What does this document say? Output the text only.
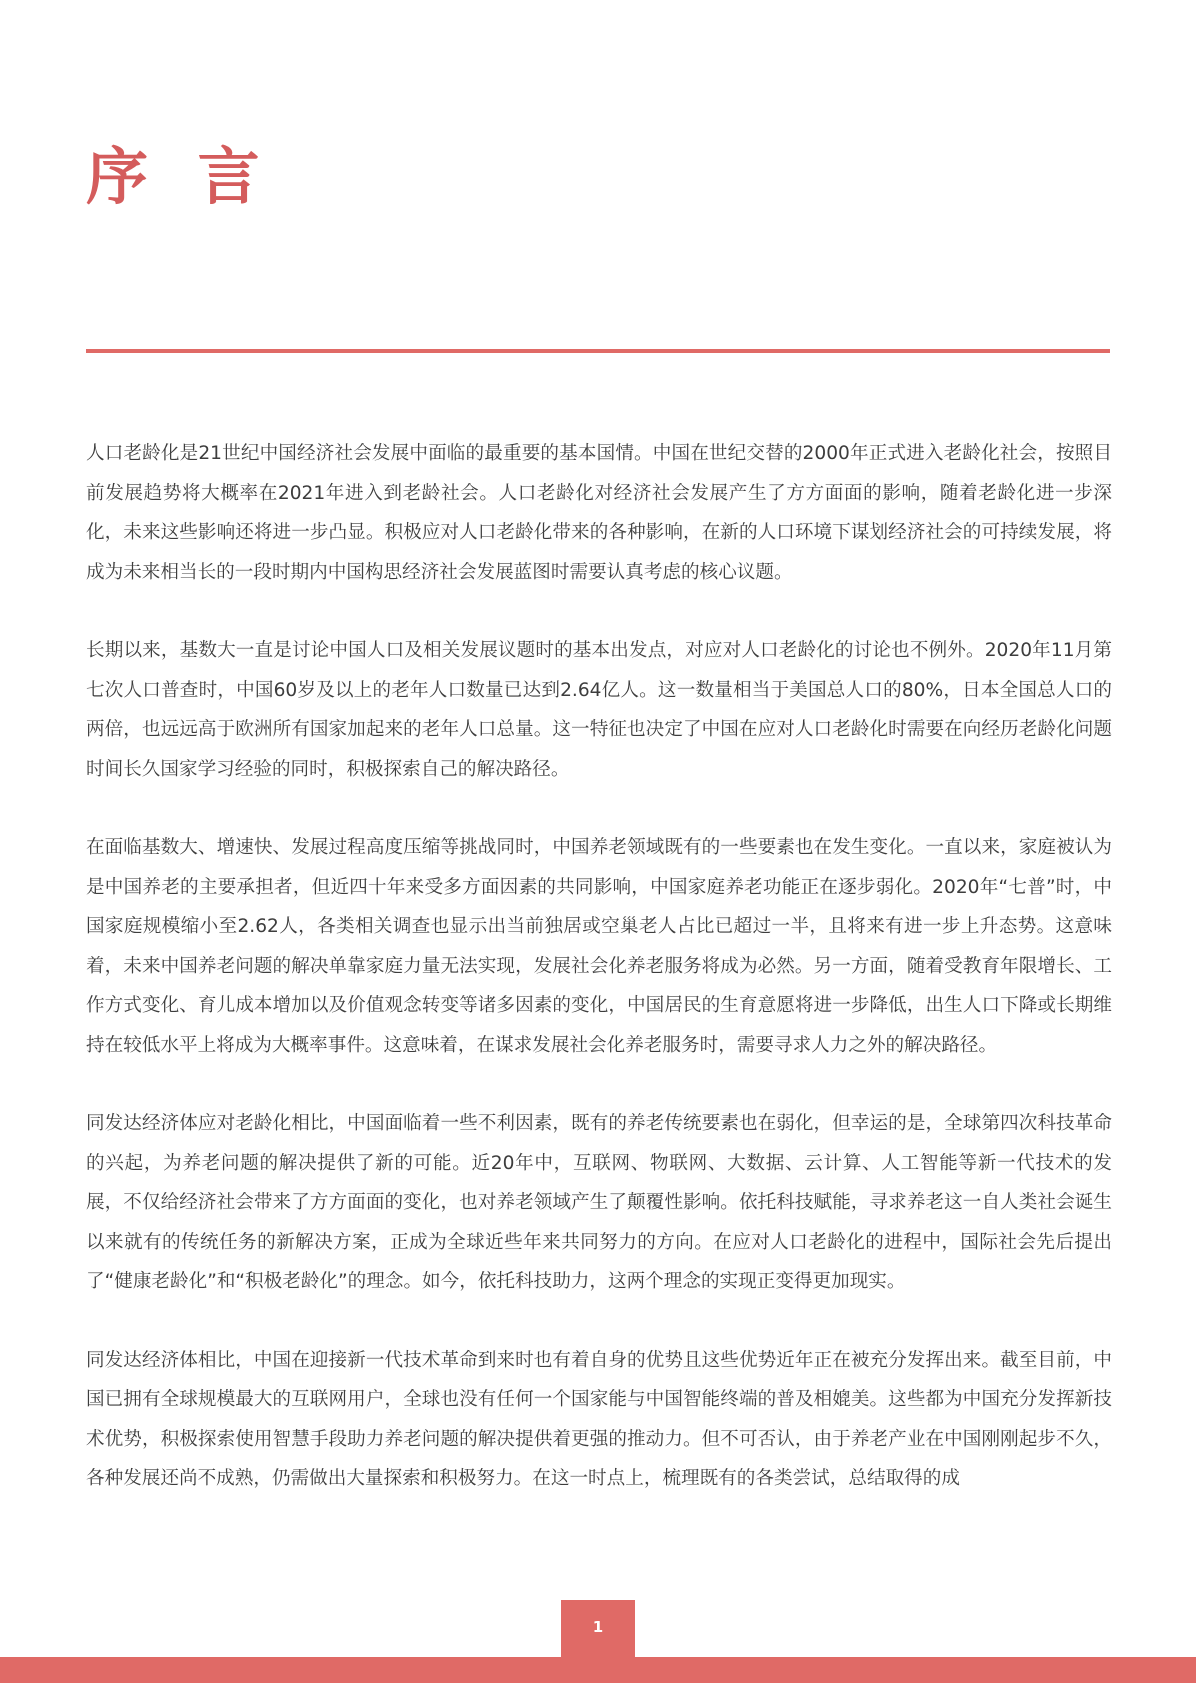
序 言

人口老龄化是21世纪中国经济社会发展中面临的最重要的基本国情。中国在世纪交替的2000年正式进入老龄化社会，按照目前发展趋势将大概率在2021年进入到老龄社会。人口老龄化对经济社会发展产生了方方面面的影响，随着老龄化进一步深化，未来这些影响还将进一步凸显。积极应对人口老龄化带来的各种影响，在新的人口环境下谋划经济社会的可持续发展，将成为未来相当长的一段时期内中国构思经济社会发展蓝图时需要认真考虑的核心议题。

长期以来，基数大一直是讨论中国人口及相关发展议题时的基本出发点，对应对人口老龄化的讨论也不例外。2020年11月第七次人口普查时，中国60岁及以上的老年人口数量已达到2.64亿人。这一数量相当于美国总人口的80%，日本全国总人口的两倍，也远远高于欧洲所有国家加起来的老年人口总量。这一特征也决定了中国在应对人口老龄化时需要在向经历老龄化问题时间长久国家学习经验的同时，积极探索自己的解决路径。

在面临基数大、增速快、发展过程高度压缩等挑战同时，中国养老领域既有的一些要素也在发生变化。一直以来，家庭被认为是中国养老的主要承担者，但近四十年来受多方面因素的共同影响，中国家庭养老功能正在逐步弱化。2020年“七普”时，中国家庭规模缩小至2.62人，各类相关调查也显示出当前独居或空巢老人占比已超过一半，且将来有进一步上升态势。这意味着，未来中国养老问题的解决单靠家庭力量无法实现，发展社会化养老服务将成为必然。另一方面，随着受教育年限增长、工作方式变化、育儿成本增加以及价值观念转变等诸多因素的变化，中国居民的生育意愿将进一步降低，出生人口下降或长期维持在较低水平上将成为大概率事件。这意味着，在谋求发展社会化养老服务时，需要寻求人力之外的解决路径。

同发达经济体应对老龄化相比，中国面临着一些不利因素，既有的养老传统要素也在弱化，但幸运的是，全球第四次科技革命的兴起，为养老问题的解决提供了新的可能。近20年中，互联网、物联网、大数据、云计算、人工智能等新一代技术的发展，不仅给经济社会带来了方方面面的变化，也对养老领域产生了颠覆性影响。依托科技赋能，寻求养老这一自人类社会诞生以来就有的传统任务的新解决方案，正成为全球近些年来共同努力的方向。在应对人口老龄化的进程中，国际社会先后提出了“健康老龄化”和“积极老龄化”的理念。如今，依托科技助力，这两个理念的实现正变得更加现实。

同发达经济体相比，中国在迎接新一代技术革命到来时也有着自身的优势且这些优势近年正在被充分发挥出来。截至目前，中国已拥有全球规模最大的互联网用户，全球也没有任何一个国家能与中国智能终端的普及相媲美。这些都为中国充分发挥新技术优势，积极探索使用智慧手段助力养老问题的解决提供着更强的推动力。但不可否认，由于养老产业在中国刚刚起步不久，各种发展还尚不成熟，仍需做出大量探索和积极努力。在这一时点上，梳理既有的各类尝试，总结取得的成

1
